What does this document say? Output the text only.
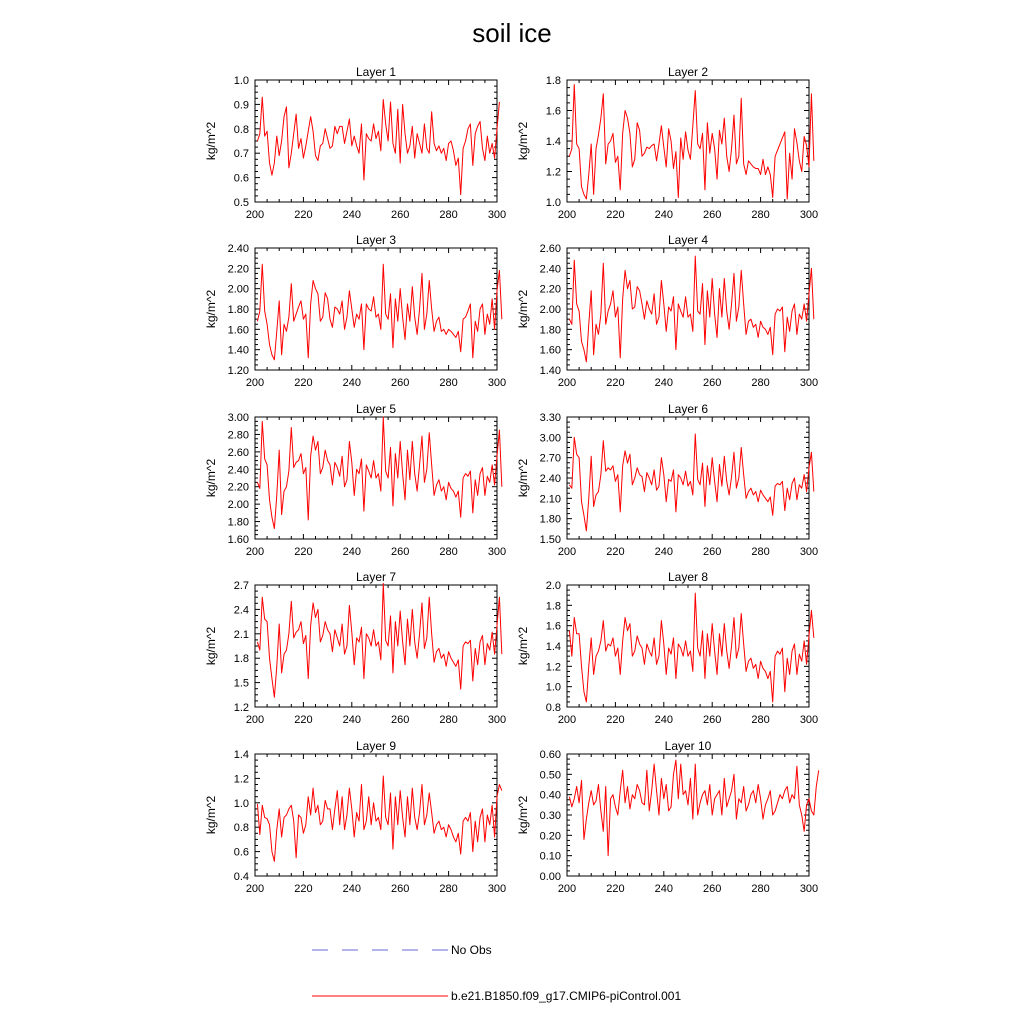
soil ice
Layer 1
kg/m^2
200	220	240	260	280	300
0.5
0.6
0.7
0.8
0.9
1.0
Layer 2
kg/m^2
200	220	240	260	280	300
1.0
1.2
1.4
1.6
1.8
Layer 3
kg/m^2
200	220	240	260	280	300
1.20
1.40
1.60
1.80
2.00
2.20
2.40
Layer 4
kg/m^2
200	220	240	260	280	300
1.40
1.60
1.80
2.00
2.20
2.40
2.60
Layer 5
kg/m^2
200	220	240	260	280	300
1.60
1.80
2.00
2.20
2.40
2.60
2.80
3.00
Layer 6
kg/m^2
200	220	240	260	280	300
1.50
1.80
2.10
2.40
2.70
3.00
3.30
Layer 7
kg/m^2
200	220	240	260	280	300
1.2
1.5
1.8
2.1
2.4
2.7
Layer 8
kg/m^2
200	220	240	260	280	300
0.8
1.0
1.2
1.4
1.6
1.8
2.0
Layer 9
kg/m^2
200	220	240	260	280	300
0.4
0.6
0.8
1.0
1.2
1.4
Layer 10
kg/m^2
200	220	240	260	280	300
0.00
0.10
0.20
0.30
0.40
0.50
0.60
No Obs
b.e21.B1850.f09_g17.CMIP6-piControl.001
